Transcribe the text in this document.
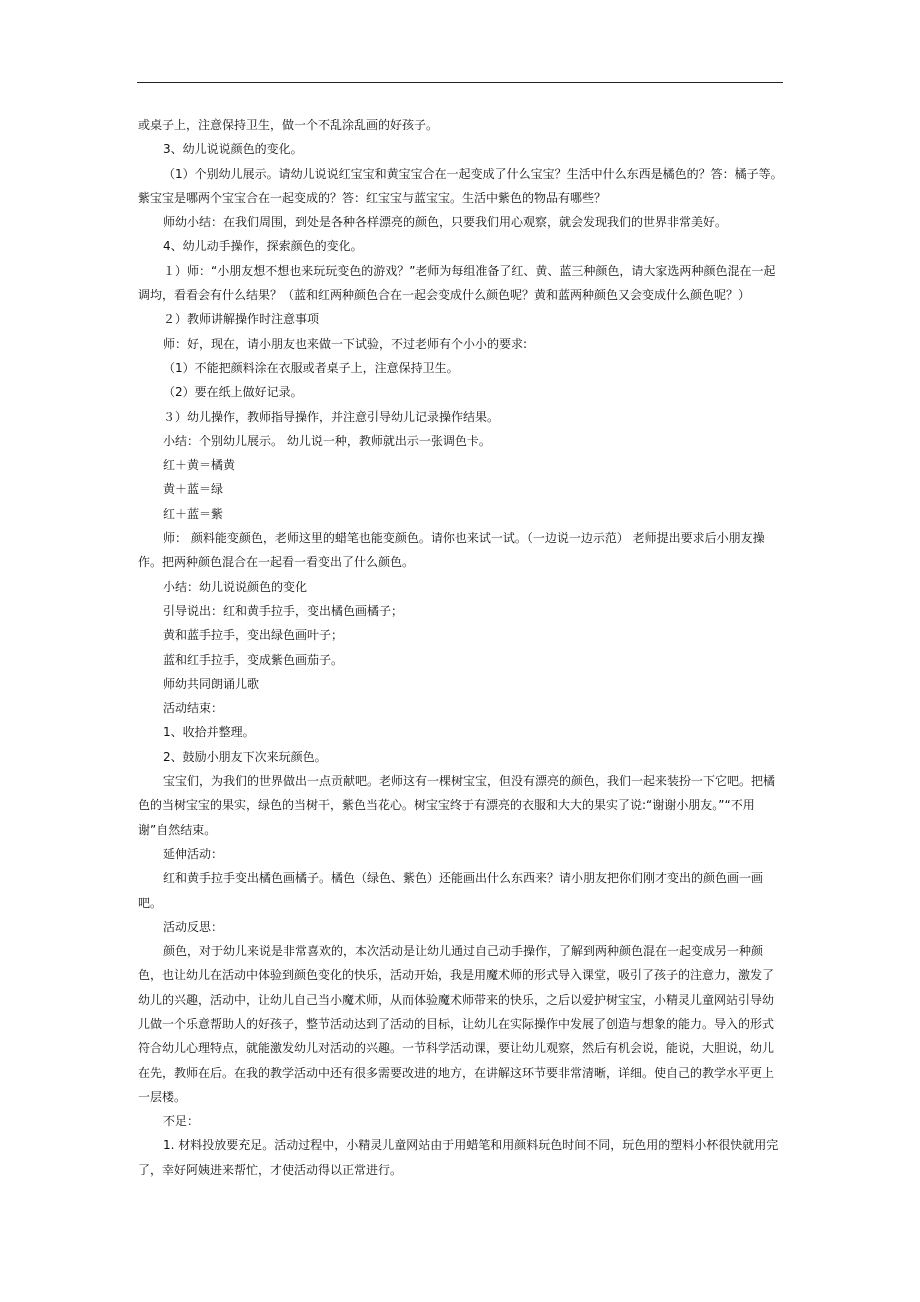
或桌子上，注意保持卫生，做一个不乱涂乱画的好孩子。

3、幼儿说说颜色的变化。

（1）个别幼儿展示。请幼儿说说红宝宝和黄宝宝合在一起变成了什么宝宝？生活中什么东西是橘色的？答：橘子等。紫宝宝是哪两个宝宝合在一起变成的？答：红宝宝与蓝宝宝。生活中紫色的物品有哪些？

师幼小结：在我们周围，到处是各种各样漂亮的颜色，只要我们用心观察，就会发现我们的世界非常美好。

4、幼儿动手操作，探索颜色的变化。

１）师：“小朋友想不想也来玩玩变色的游戏？”老师为每组准备了红、黄、蓝三种颜色，请大家选两种颜色混在一起调均，看看会有什么结果？（蓝和红两种颜色合在一起会变成什么颜色呢？黄和蓝两种颜色又会变成什么颜色呢？）

２）教师讲解操作时注意事项

师：好，现在，请小朋友也来做一下试验，不过老师有个小小的要求:

（1）不能把颜料涂在衣服或者桌子上，注意保持卫生。

（2）要在纸上做好记录。

３）幼儿操作，教师指导操作，并注意引导幼儿记录操作结果。

小结：个别幼儿展示。 幼儿说一种，教师就出示一张调色卡。

红＋黄＝橘黄

黄＋蓝＝绿

红＋蓝＝紫

师： 颜料能变颜色，老师这里的蜡笔也能变颜色。请你也来试一试。（一边说一边示范） 老师提出要求后小朋友操作。把两种颜色混合在一起看一看变出了什么颜色。

小结：幼儿说说颜色的变化

引导说出：红和黄手拉手，变出橘色画橘子；

黄和蓝手拉手，变出绿色画叶子；

蓝和红手拉手，变成紫色画茄子。

师幼共同朗诵儿歌

活动结束：

1、收拾并整理。

2、鼓励小朋友下次来玩颜色。

宝宝们，为我们的世界做出一点贡献吧。老师这有一棵树宝宝，但没有漂亮的颜色，我们一起来装扮一下它吧。把橘色的当树宝宝的果实，绿色的当树干，紫色当花心。树宝宝终于有漂亮的衣服和大大的果实了说:“谢谢小朋友。”“不用谢”自然结束。

延伸活动：

红和黄手拉手变出橘色画橘子。橘色（绿色、紫色）还能画出什么东西来？请小朋友把你们刚才变出的颜色画一画吧。

活动反思：

颜色，对于幼儿来说是非常喜欢的，本次活动是让幼儿通过自己动手操作，了解到两种颜色混在一起变成另一种颜色，也让幼儿在活动中体验到颜色变化的快乐，活动开始，我是用魔术师的形式导入课堂，吸引了孩子的注意力，激发了幼儿的兴趣，活动中，让幼儿自己当小魔术师，从而体验魔术师带来的快乐，之后以爱护树宝宝，小精灵儿童网站引导幼儿做一个乐意帮助人的好孩子，整节活动达到了活动的目标，让幼儿在实际操作中发展了创造与想象的能力。导入的形式符合幼儿心理特点，就能激发幼儿对活动的兴趣。一节科学活动课，要让幼儿观察，然后有机会说，能说，大胆说，幼儿在先，教师在后。在我的教学活动中还有很多需要改进的地方，在讲解这环节要非常清晰，详细。使自己的教学水平更上一层楼。

不足：

1. 材料投放要充足。活动过程中，小精灵儿童网站由于用蜡笔和用颜料玩色时间不同，玩色用的塑料小杯很快就用完了，幸好阿姨进来帮忙，才使活动得以正常进行。
